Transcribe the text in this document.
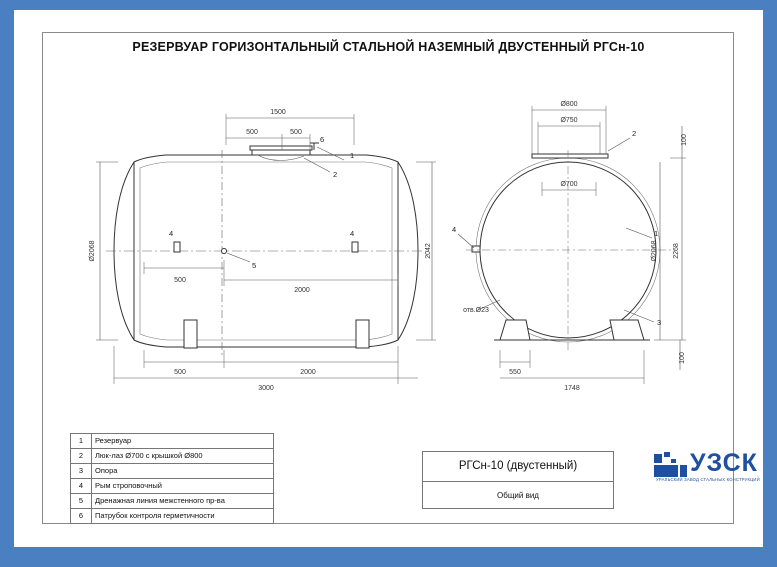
РЕЗЕРВУАР ГОРИЗОНТАЛЬНЫЙ СТАЛЬНОЙ НАЗЕМНЫЙ ДВУСТЕННЫЙ РГСн-10
1500
500	500
Ø2068	2042
500
2000
500	2000
3000
1
2
4	4
5
6
Ø800
Ø750
Ø700
100
Ø2068 2268
отв.Ø23
550
1748
100
1
2
3
4
1	Резервуар
2	Люк-лаз Ø700 с крышкой Ø800
3	Опора
4	Рым строповочный
5	Дренажная линия межстенного пр-ва
6	Патрубок контроля герметичности
РГСн-10 (двустенный)
Общий вид
УЗСК
УРАЛЬСКИЙ ЗАВОД СТАЛЬНЫХ КОНСТРУКЦИЙ
